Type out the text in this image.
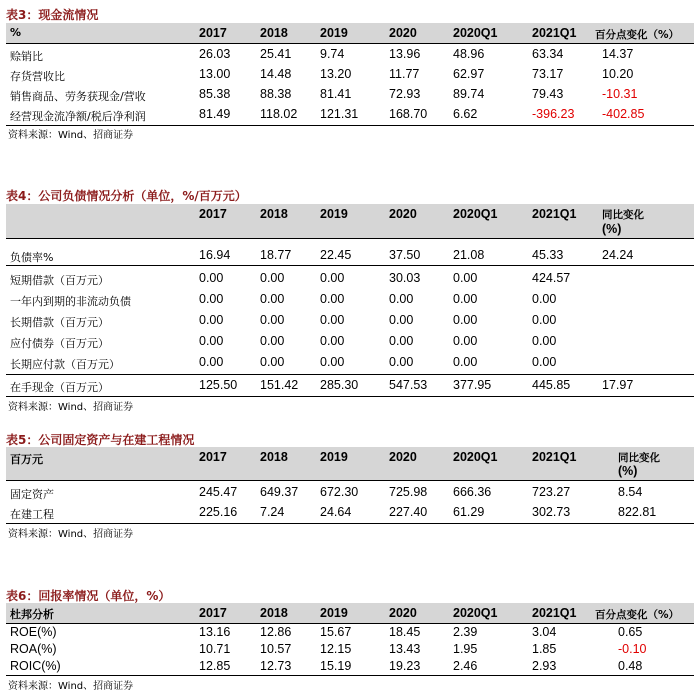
表3：现金流情况
%	2017	2018	2019	2020	2020Q1	2021Q1 百分点变化（%）
赊销比	26.03 25.41 9.74	13.96	48.96	63.34	14.37
存货营收比	13.00 14.48 13.20	11.77	62.97	73.17	10.20
销售商品、劳务获现金/营收	85.38 88.38 81.41	72.93	89.74	79.43	-10.31
经营现金流净额/税后净利润	81.49 118.02 121.31 168.70 6.62	-396.23 -402.85
资料来源：Wind、招商证券
表4：公司负债情况分析（单位，%/百万元）
2017	2018	2019	2020	2020Q1	2021Q1 同比变化
(%)
负债率%	16.94 18.77 22.45	37.50	21.08	45.33	24.24
短期借款（百万元）	0.00	0.00	0.00	30.03	0.00	424.57
一年内到期的非流动负债	0.00	0.00	0.00	0.00	0.00	0.00
长期借款（百万元）	0.00	0.00	0.00	0.00	0.00	0.00
应付债券（百万元）	0.00	0.00	0.00	0.00	0.00	0.00
长期应付款（百万元）	0.00	0.00	0.00	0.00	0.00	0.00
在手现金（百万元）	125.50 151.42 285.30 547.53 377.95	445.85	17.97
资料来源：Wind、招商证券
表5：公司固定资产与在建工程情况
百万元	2017	2018	2019	2020	2020Q1	2021Q1	同比变化
(%)
固定资产	245.47 649.37 672.30 725.98 666.36	723.27	8.54
在建工程	225.16 7.24	24.64	227.40 61.29	302.73	822.81
资料来源：Wind、招商证券
表6：回报率情况（单位，%）
杜邦分析	2017	2018	2019	2020	2020Q1	2021Q1 百分点变化（%）
ROE(%)	13.16 12.86 15.67	18.45	2.39	3.04	0.65
ROA(%)	10.71 10.57 12.15	13.43	1.95	1.85	-0.10
ROIC(%)	12.85 12.73 15.19	19.23	2.46	2.93	0.48
资料来源：Wind、招商证券
